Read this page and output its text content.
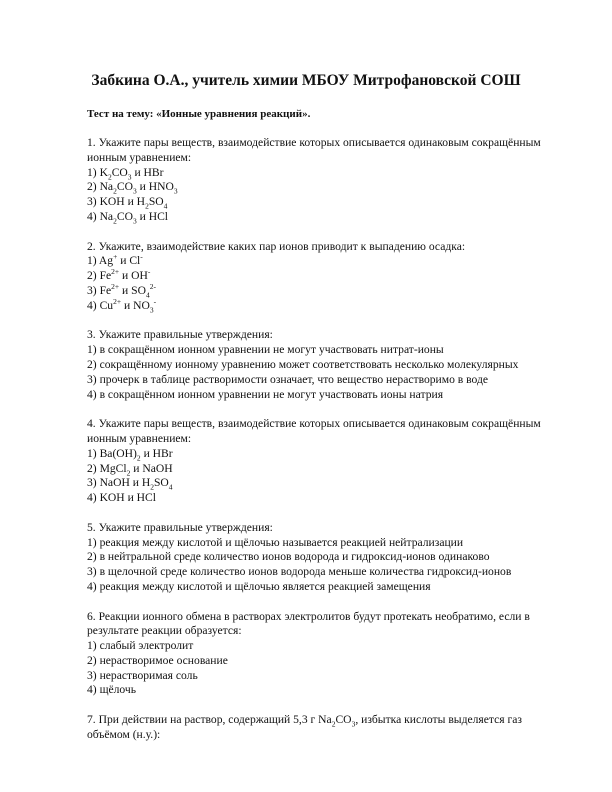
Забкина О.А., учитель химии МБОУ Митрофановской СОШ
Тест на тему: «Ионные уравнения реакций».

1. Укажите пары веществ, взаимодействие которых описывается одинаковым сокращённым ионным уравнением:

1) $K_2CO_3$ и HBr
2) $Na_2CO_3$ и $HNO_3$
3) KOH и $H_2SO_4$
4) $Na_2CO_3$ и HCl

2. Укажите, взаимодействие каких пар ионов приводит к выпадению осадка:

1) Ag+ и Cl-
2) $Fe^{2+}$ и OH-
3) $Fe^{2+}$ и $SO_4^{2-}$
4) $Cu^{2+}$ и $NO_3^-$

3. Укажите правильные утверждения:

1) в сокращённом ионном уравнении не могут участвовать нитрат-ионы
2) сокращённому ионному уравнению может соответствовать несколько молекулярных
3) прочерк в таблице растворимости означает, что вещество нерастворимо в воде
4) в сокращённом ионном уравнении не могут участвовать ионы натрия

4. Укажите пары веществ, взаимодействие которых описывается одинаковым сокращённым ионным уравнением:

1) $Ba(OH)_2$ и HBr
2) MgCl$_2$ и NaOH
3) NaOH и $H_2SO_4$
4) KOH и HCl

5. Укажите правильные утверждения:

1) реакция между кислотой и щёлочью называется реакцией нейтрализации
2) в нейтральной среде количество ионов водорода и гидроксид-ионов одинаково
3) в щелочной среде количество ионов водорода меньше количества гидроксид-ионов
4) реакция между кислотой и щёлочью является реакцией замещения

6. Реакции ионного обмена в растворах электролитов будут протекать необратимо, если в результате реакции образуется:

1) слабый электролит
2) нерастворимое основание
3) нерастворимая соль
4) щёлочь

7. При действии на раствор, содержащий 5,3 г $Na_2CO_3$, избытка кислоты выделяется газ объёмом (н.у.):
